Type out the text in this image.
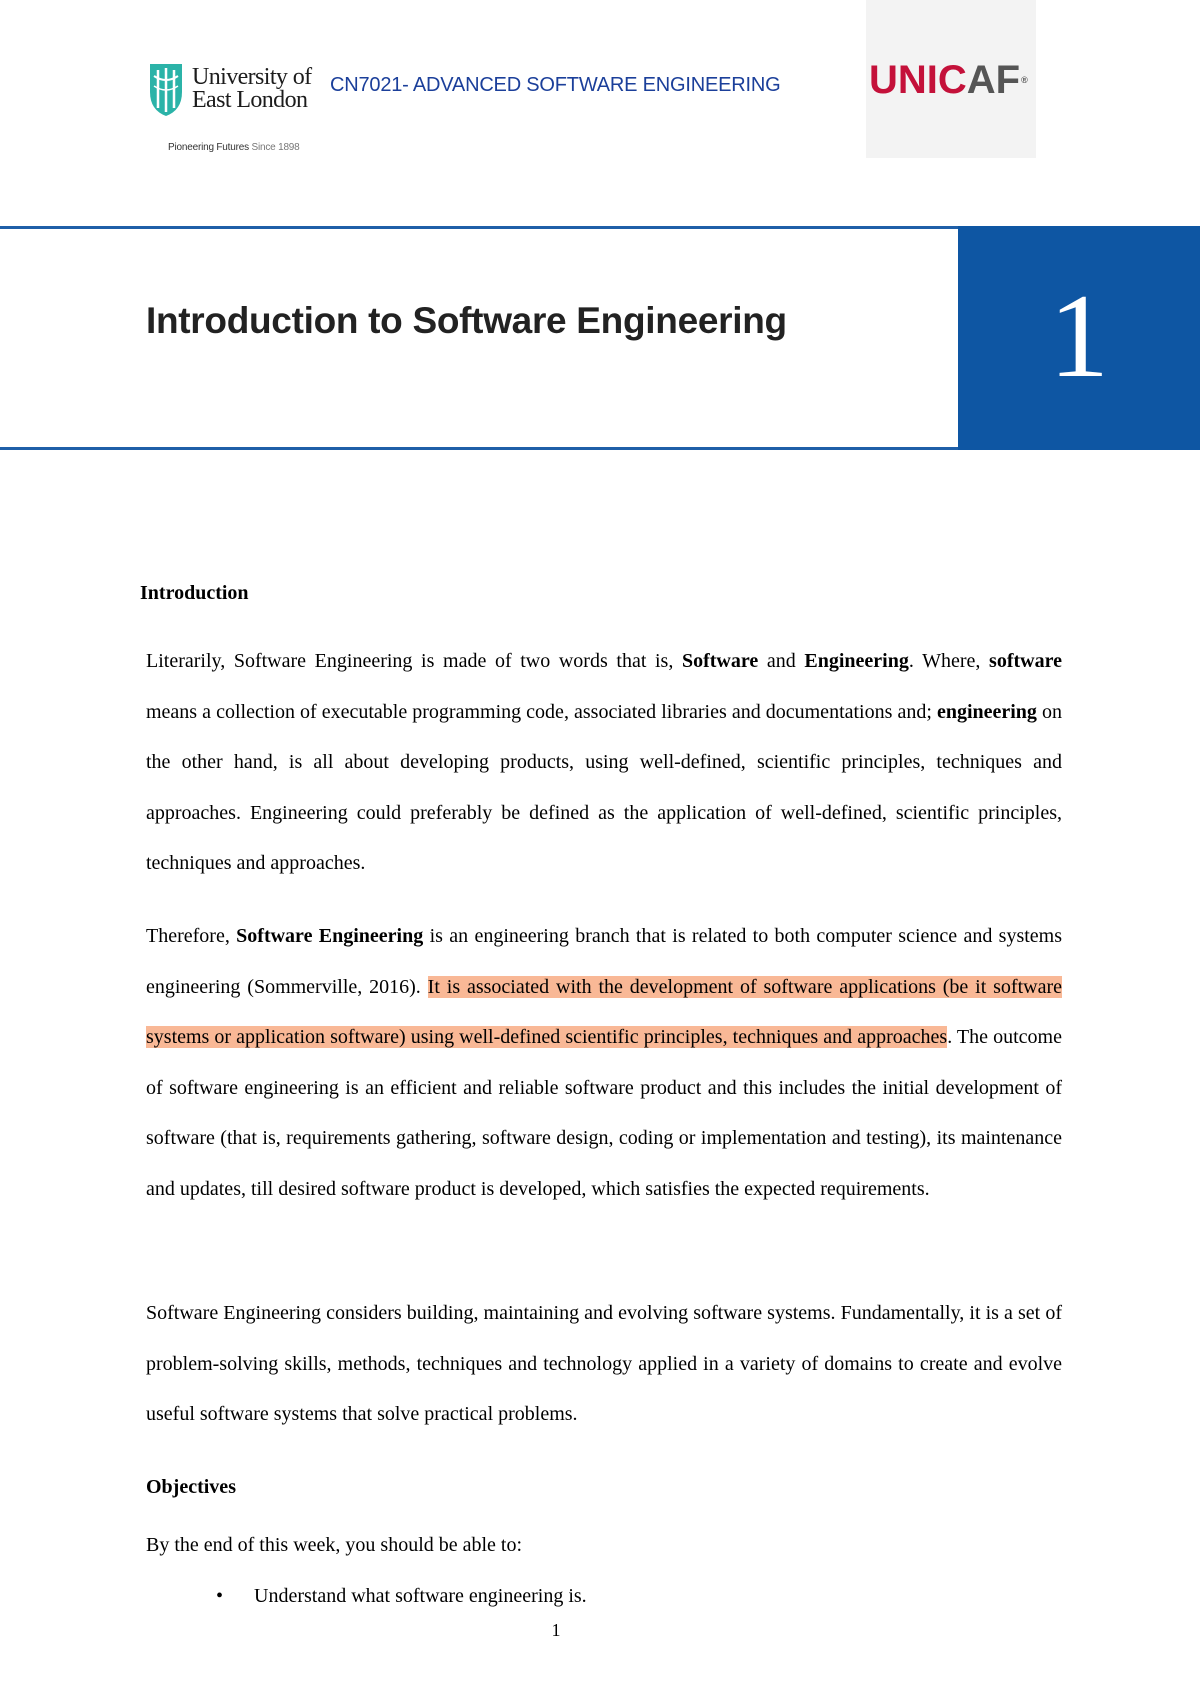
University of
East London
Pioneering Futures Since 1898
CN7021- ADVANCED SOFTWARE ENGINEERING UNICAF®
Introduction to Software Engineering	1
Introduction

Literarily, Software Engineering is made of two words that is, Software and Engineering. Where, software means a collection of executable programming code, associated libraries and documentations and; engineering on the other hand, is all about developing products, using well-defined, scientific principles, techniques and approaches. Engineering could preferably be defined as the application of well-defined, scientific principles, techniques and approaches.

Therefore, Software Engineering is an engineering branch that is related to both computer science and systems engineering (Sommerville, 2016). It is associated with the development of software applications (be it software systems or application software) using well-defined scientific principles, techniques and approaches. The outcome of software engineering is an efficient and reliable software product and this includes the initial development of software (that is, requirements gathering, software design, coding or implementation and testing), its maintenance and updates, till desired software product is developed, which satisfies the expected requirements.

Software Engineering considers building, maintaining and evolving software systems. Fundamentally, it is a set of problem-solving skills, methods, techniques and technology applied in a variety of domains to create and evolve useful software systems that solve practical problems.

Objectives
By the end of this week, you should be able to:
• Understand what software engineering is.
1
